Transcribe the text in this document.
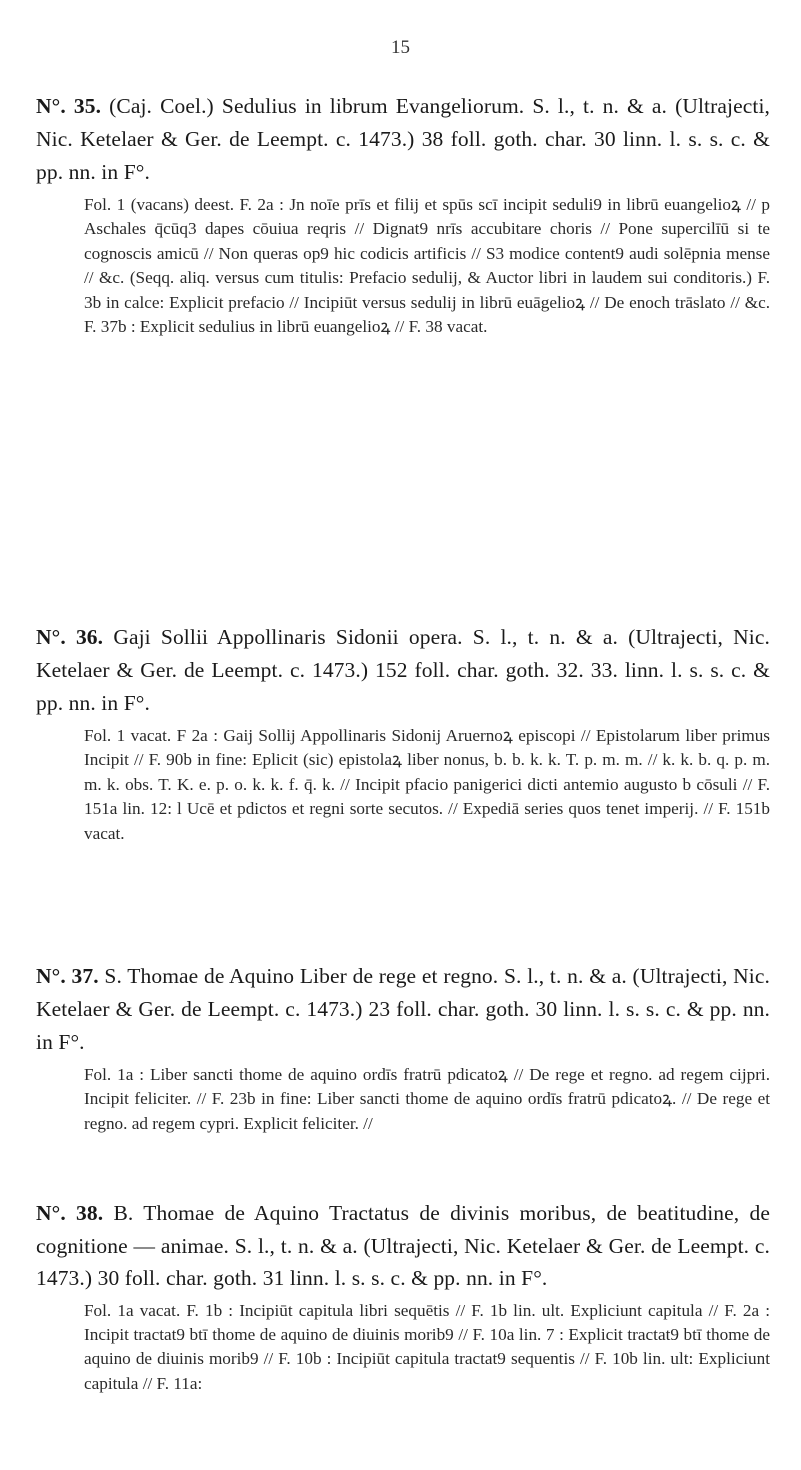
15

N°. 35. (Caj. Coel.) Sedulius in librum Evangeliorum. S. l., t. n. & a. (Ultrajecti, Nic. Ketelaer & Ger. de Leempt. c. 1473.) 38 foll. goth. char. 30 linn. l. s. s. c. & pp. nn. in F°.

Fol. 1 (vacans) deest. F. 2a : Jn noīe prīs et filij et spūs scī incipit seduli9 in librū euangelioꝝ // p Aschales q̄cūq3 dapes cōuiua reqris // Dignat9 nrīs accubitare choris // Pone supercilīū si te cognoscis amicū // Non queras op9 hic codicis artificis // S3 modice content9 audi solēpnia mense // &c. (Seqq. aliq. versus cum titulis: Prefacio sedulij, & Auctor libri in laudem sui conditoris.) F. 3b in calce: Explicit prefacio // Incipiūt versus sedulij in librū euāgelioꝝ // De enoch trāslato // &c. F. 37b : Explicit sedulius in librū euangelioꝝ // F. 38 vacat.

N°. 36. Gaji Sollii Appollinaris Sidonii opera. S. l., t. n. & a. (Ultrajecti, Nic. Ketelaer & Ger. de Leempt. c. 1473.) 152 foll. char. goth. 32. 33. linn. l. s. s. c. & pp. nn. in F°.

Fol. 1 vacat. F 2a : Gaij Sollij Appollinaris Sidonij Aruernoꝝ episcopi // Epistolarum liber primus Incipit // F. 90b in fine: Eplicit (sic) epistolaꝝ liber nonus, b. b. k. k. T. p. m. m. // k. k. b. q. p. m. m. k. obs. T. K. e. p. o. k. k. f. q̄. k. // Incipit pfacio panigerici dicti antemio augusto b cōsuli // F. 151a lin. 12: l Ucē et pdictos et regni sorte secutos. // Expediā series quos tenet imperij. // F. 151b vacat.

N°. 37. S. Thomae de Aquino Liber de rege et regno. S. l., t. n. & a. (Ultrajecti, Nic. Ketelaer & Ger. de Leempt. c. 1473.) 23 foll. char. goth. 30 linn. l. s. s. c. & pp. nn. in F°.

Fol. 1a : Liber sancti thome de aquino ordīs fratrū pdicatoꝝ // De rege et regno. ad regem cijpri. Incipit feliciter. // F. 23b in fine: Liber sancti thome de aquino ordīs fratrū pdicatoꝝ. // De rege et regno. ad regem cypri. Explicit feliciter. //

N°. 38. B. Thomae de Aquino Tractatus de divinis moribus, de beatitudine, de cognitione — animae. S. l., t. n. & a. (Ultrajecti, Nic. Ketelaer & Ger. de Leempt. c. 1473.) 30 foll. char. goth. 31 linn. l. s. s. c. & pp. nn. in F°.

Fol. 1a vacat. F. 1b : Incipiūt capitula libri sequētis // F. 1b lin. ult. Expliciunt capitula // F. 2a : Incipit tractat9 btī thome de aquino de diuinis morib9 // F. 10a lin. 7 : Explicit tractat9 btī thome de aquino de diuinis morib9 // F. 10b : Incipiūt capitula tractat9 sequentis // F. 10b lin. ult: Expliciunt capitula // F. 11a:
